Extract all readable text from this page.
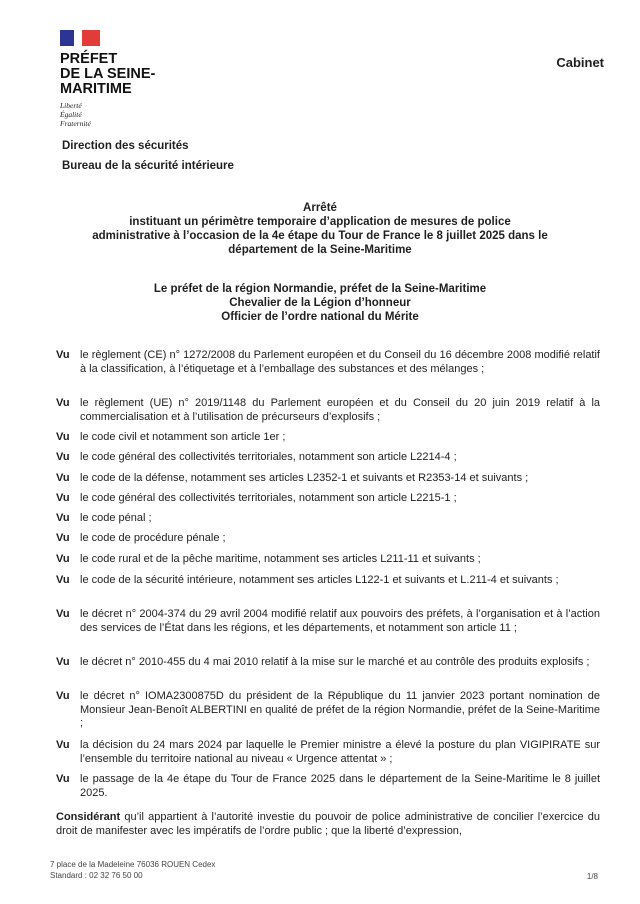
PRÉFET
DE LA SEINE-
MARITIME
Liberté
Égalité
Fraternité
Cabinet
Direction des sécurités
Bureau de la sécurité intérieure
Arrêté
instituant un périmètre temporaire d’application de mesures de police
administrative à l’occasion de la 4e étape du Tour de France le 8 juillet 2025 dans le
département de la Seine-Maritime
Le préfet de la région Normandie, préfet de la Seine-Maritime
Chevalier de la Légion d’honneur
Officier de l’ordre national du Mérite
Vu le règlement (CE) n° 1272/2008 du Parlement européen et du Conseil du 16 décembre 2008 modifié relatif à la classification, à l’étiquetage et à l’emballage des substances et des mélanges ;
Vu le règlement (UE) n° 2019/1148 du Parlement européen et du Conseil du 20 juin 2019 relatif à la commercialisation et à l’utilisation de précurseurs d’explosifs ;
Vu le code civil et notamment son article 1er ;
Vu le code général des collectivités territoriales, notamment son article L2214-4 ;
Vu le code de la défense, notamment ses articles L2352-1 et suivants et R2353-14 et suivants ;
Vu le code général des collectivités territoriales, notamment son article L2215-1 ;
Vu le code pénal ;
Vu le code de procédure pénale ;
Vu le code rural et de la pêche maritime, notamment ses articles L211-11 et suivants ;
Vu le code de la sécurité intérieure, notamment ses articles L122-1 et suivants et L.211-4 et suivants ;
Vu le décret n° 2004-374 du 29 avril 2004 modifié relatif aux pouvoirs des préfets, à l’organisation et à l’action des services de l’État dans les régions, et les départements, et notamment son article 11 ;
Vu le décret n° 2010-455 du 4 mai 2010 relatif à la mise sur le marché et au contrôle des produits explosifs ;
Vu le décret n° IOMA2300875D du président de la République du 11 janvier 2023 portant nomination de Monsieur Jean-Benoît ALBERTINI en qualité de préfet de la région Normandie, préfet de la Seine-Maritime ;
Vu la décision du 24 mars 2024 par laquelle le Premier ministre a élevé la posture du plan VIGIPIRATE sur l’ensemble du territoire national au niveau « Urgence attentat » ;
Vu le passage de la 4e étape du Tour de France 2025 dans le département de la Seine-Maritime le 8 juillet 2025.
Considérant qu’il appartient à l’autorité investie du pouvoir de police administrative de concilier l’exercice du droit de manifester avec les impératifs de l’ordre public ; que la liberté d’expression,
7 place de la Madeleine 76036 ROUEN Cedex
Standard : 02 32 76 50 00	1/8
